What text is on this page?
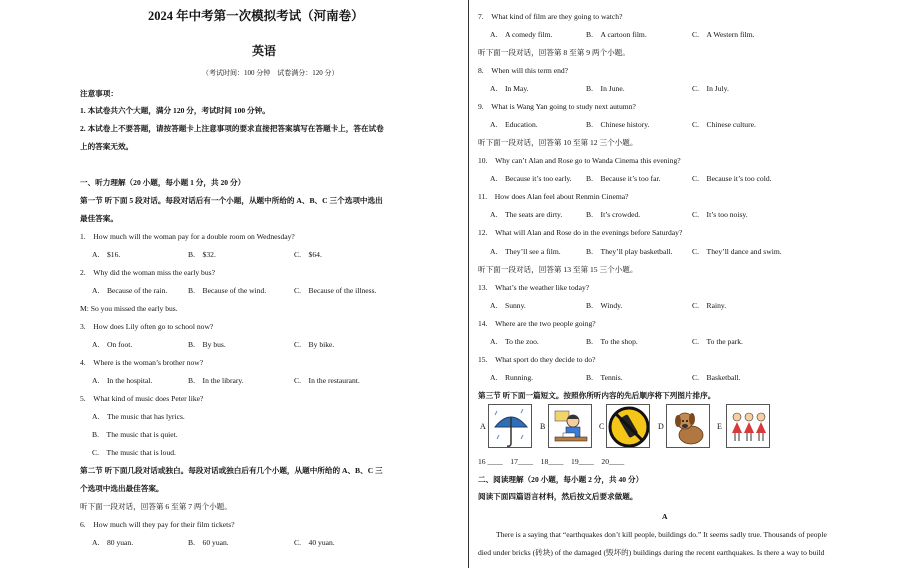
2024 年中考第一次模拟考试（河南卷）
英语
（考试时间：100 分钟　试卷满分：120 分）
注意事项：
1. 本试卷共六个大题，满分 120 分，考试时间 100 分钟。
2. 本试卷上不要答题，请按答题卡上注意事项的要求直接把答案填写在答题卡上，答在试卷
上的答案无效。
一、听力理解（20 小题，每小题 1 分，共 20 分）
第一节 听下面 5 段对话。每段对话后有一个小题，从题中所给的 A、B、C 三个选项中选出
最佳答案。
1.　How much will the woman pay for a double room on Wednesday?
A.　$16.	B.　$32.	C.　$64.
2.　Why did the woman miss the early bus?
A.　Because of the rain.	B.　Because of the wind.	C.　Because of the illness.
M: So you missed the early bus.
3.　How does Lily often go to school now?
A.　On foot.	B.　By bus.	C.　By bike.
4.　Where is the woman’s brother now?
A.　In the hospital.	B.　In the library.	C.　In the restaurant.
5.　What kind of music does Peter like?
A.　The music that has lyrics.
B.　The music that is quiet.
C.　The music that is loud.
第二节 听下面几段对话或独白。每段对话或独白后有几个小题，从题中所给的 A、B、C 三
个选项中选出最佳答案。
听下面一段对话，回答第 6 至第 7 两个小题。
6.　How much will they pay for their film tickets?
A.　80 yuan.	B.　60 yuan.	C.　40 yuan.
7.　What kind of film are they going to watch?
A.　A comedy film.	B.　A cartoon film.	C.　A Western film.
听下面一段对话，回答第 8 至第 9 两个小题。
8.　When will this term end?
A.　In May.	B.　In June.	C.　In July.
9.　What is Wang Yan going to study next autumn?
A.　Education.	B.　Chinese history.	C.　Chinese culture.
听下面一段对话，回答第 10 至第 12 三个小题。
10.　Why can’t Alan and Rose go to Wanda Cinema this evening?
A.　Because it’s too early. B.　Because it’s too far.	C.　Because it’s too cold.
11.　How does Alan feel about Renmin Cinema?
A.　The seats are dirty.	B.　It’s crowded.	C.　It’s too noisy.
12.　What will Alan and Rose do in the evenings before Saturday?
A.　They’ll see a film.	B.　They’ll play basketball.	C.　They’ll dance and swim.
听下面一段对话，回答第 13 至第 15 三个小题。
13.　What’s the weather like today?
A.　Sunny.	B.　Windy.	C.　Rainy.
14.　Where are the two people going?
A.　To the zoo.	B.　To the shop.	C.　To the park.
15.　What sport do they decide to do?
A.　Running.	B.　Tennis.	C.　Basketball.
第三节 听下面一篇短文。按照你所听内容的先后顺序将下列图片排序。
A	B	C	D	E
16 ____　17____　18____　19____　20____
二、阅读理解（20 小题，每小题 2 分，共 40 分）
阅读下面四篇语言材料，然后按文后要求做题。
A
There is a saying that “earthquakes don’t kill people, buildings do.” It seems sadly true. Thousands of people
died under bricks (砖块) of the damaged (毁坏的) buildings during the recent earthquakes. Is there a way to build
